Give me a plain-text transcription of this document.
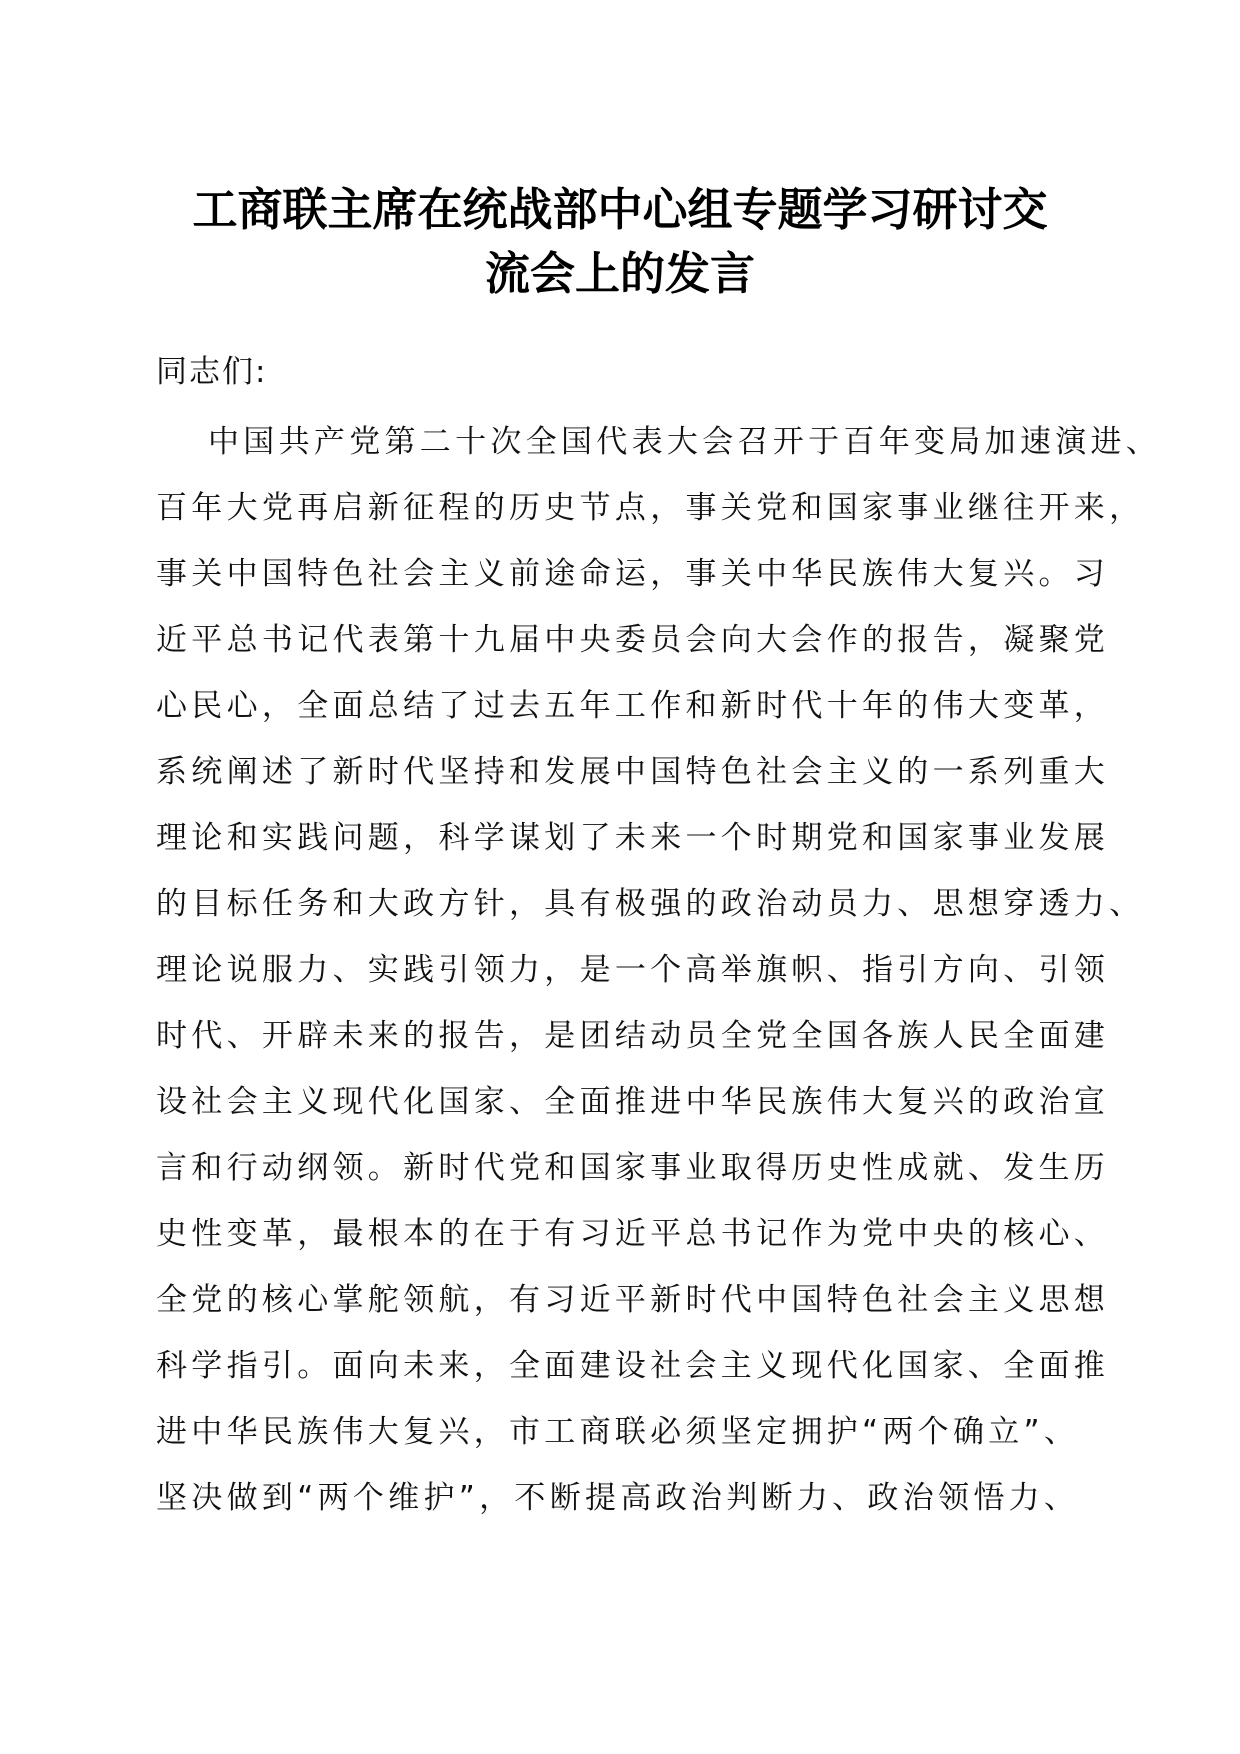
工商联主席在统战部中心组专题学习研讨交
流会上的发言
同志们:
中国共产党第二十次全国代表大会召开于百年变局加速演进、
百年大党再启新征程的历史节点，事关党和国家事业继往开来，
事关中国特色社会主义前途命运，事关中华民族伟大复兴。习
近平总书记代表第十九届中央委员会向大会作的报告，凝聚党
心民心，全面总结了过去五年工作和新时代十年的伟大变革，
系统阐述了新时代坚持和发展中国特色社会主义的一系列重大
理论和实践问题，科学谋划了未来一个时期党和国家事业发展
的目标任务和大政方针，具有极强的政治动员力、思想穿透力、
理论说服力、实践引领力，是一个高举旗帜、指引方向、引领
时代、开辟未来的报告，是团结动员全党全国各族人民全面建
设社会主义现代化国家、全面推进中华民族伟大复兴的政治宣
言和行动纲领。新时代党和国家事业取得历史性成就、发生历
史性变革，最根本的在于有习近平总书记作为党中央的核心、
全党的核心掌舵领航，有习近平新时代中国特色社会主义思想
科学指引。面向未来，全面建设社会主义现代化国家、全面推
进中华民族伟大复兴，市工商联必须坚定拥护“两个确立”、
坚决做到“两个维护”，不断提高政治判断力、政治领悟力、
